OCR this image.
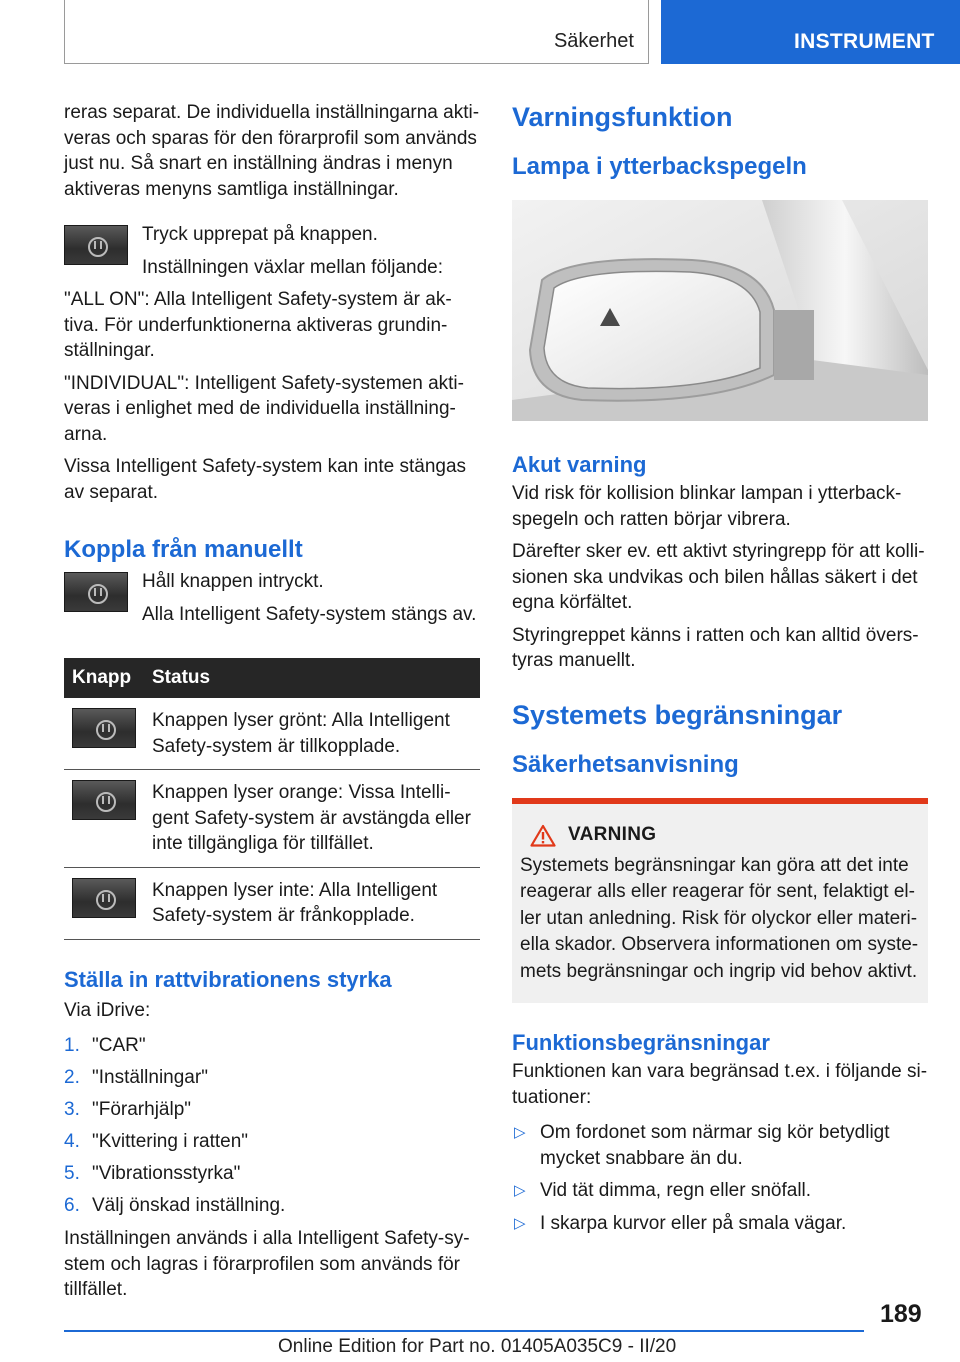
Säkerhet	INSTRUMENT

reras separat. De individuella inställningarna aktiveras och sparas för den förarprofil som används just nu. Så snart en inställning ändras i menyn aktiveras menyns samtliga inställningar.

Tryck upprepat på knappen.

Inställningen växlar mellan följande:

"ALL ON": Alla Intelligent Safety-system är aktiva. För underfunktionerna aktiveras grundinställningar.

"INDIVIDUAL": Intelligent Safety-systemen aktiveras i enlighet med de individuella inställningarna.

Vissa Intelligent Safety-system kan inte stängas av separat.

Koppla från manuellt

Håll knappen intryckt.

Alla Intelligent Safety-system stängs av.

Knapp	Status

	Knappen lyser grönt: Alla Intelligent Safety-system är tillkopplade.

	Knappen lyser orange: Vissa Intelligent Safety-system är avstängda eller inte tillgängliga för tillfället.

	Knappen lyser inte: Alla Intelligent Safety-system är frånkopplade.
Ställa in rattvibrationens styrka

Via iDrive:

1. "CAR"
2. "Inställningar"
3. "Förarhjälp"
4. "Kvittering i ratten"
5. "Vibrationsstyrka"
6. Välj önskad inställning.

Inställningen används i alla Intelligent Safety-system och lagras i förarprofilen som används för tillfället.

Varningsfunktion
Lampa i ytterbackspegeln
Akut varning

Vid risk för kollision blinkar lampan i ytterbackspegeln och ratten börjar vibrera.

Därefter sker ev. ett aktivt styringrepp för att kollisionen ska undvikas och bilen hållas säkert i det egna körfältet.

Styringreppet känns i ratten och kan alltid överstyras manuellt.

Systemets begränsningar
Säkerhetsanvisning
VARNING

Systemets begränsningar kan göra att det inte reagerar alls eller reagerar för sent, felaktigt eller utan anledning. Risk för olyckor eller materiella skador. Observera informationen om systemets begränsningar och ingrip vid behov aktivt.

Funktionsbegränsningar

Funktionen kan vara begränsad t.ex. i följande situationer:

▷ Om fordonet som närmar sig kör betydligt mycket snabbare än du.
▷ Vid tät dimma, regn eller snöfall.
▷ I skarpa kurvor eller på smala vägar.
189
Online Edition for Part no. 01405A035C9 - II/20
